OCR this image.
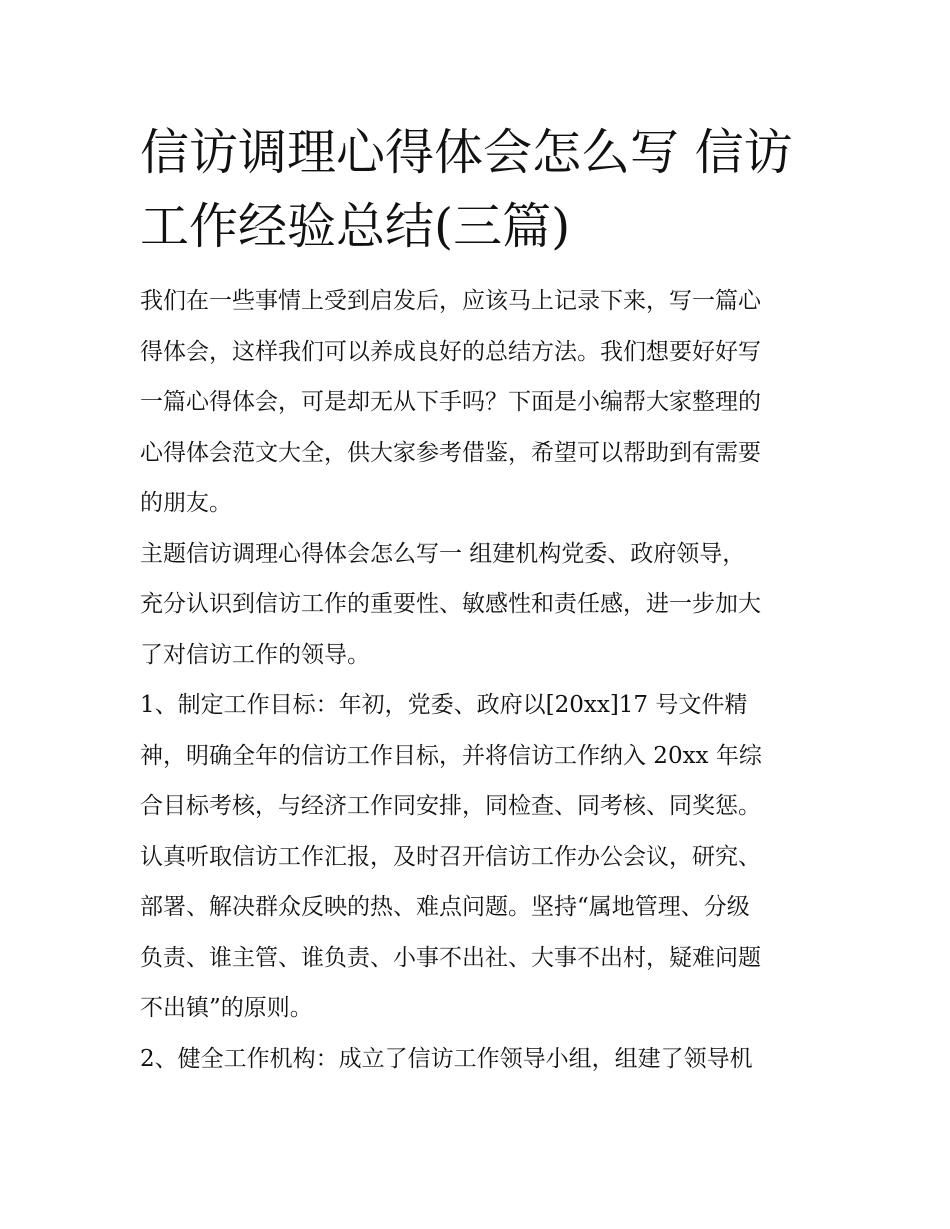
信访调理心得体会怎么写 信访
工作经验总结(三篇)

我们在一些事情上受到启发后，应该马上记录下来，写一篇心
得体会，这样我们可以养成良好的总结方法。我们想要好好写
一篇心得体会，可是却无从下手吗？下面是小编帮大家整理的
心得体会范文大全，供大家参考借鉴，希望可以帮助到有需要
的朋友。

主题信访调理心得体会怎么写一 组建机构党委、政府领导，
充分认识到信访工作的重要性、敏感性和责任感，进一步加大
了对信访工作的领导。

1、制定工作目标：年初，党委、政府以[20xx]17 号文件精
神，明确全年的信访工作目标，并将信访工作纳入 20xx 年综
合目标考核，与经济工作同安排，同检查、同考核、同奖惩。
认真听取信访工作汇报，及时召开信访工作办公会议，研究、
部署、解决群众反映的热、难点问题。坚持“属地管理、分级
负责、谁主管、谁负责、小事不出社、大事不出村，疑难问题
不出镇”的原则。

2、健全工作机构：成立了信访工作领导小组，组建了领导机
